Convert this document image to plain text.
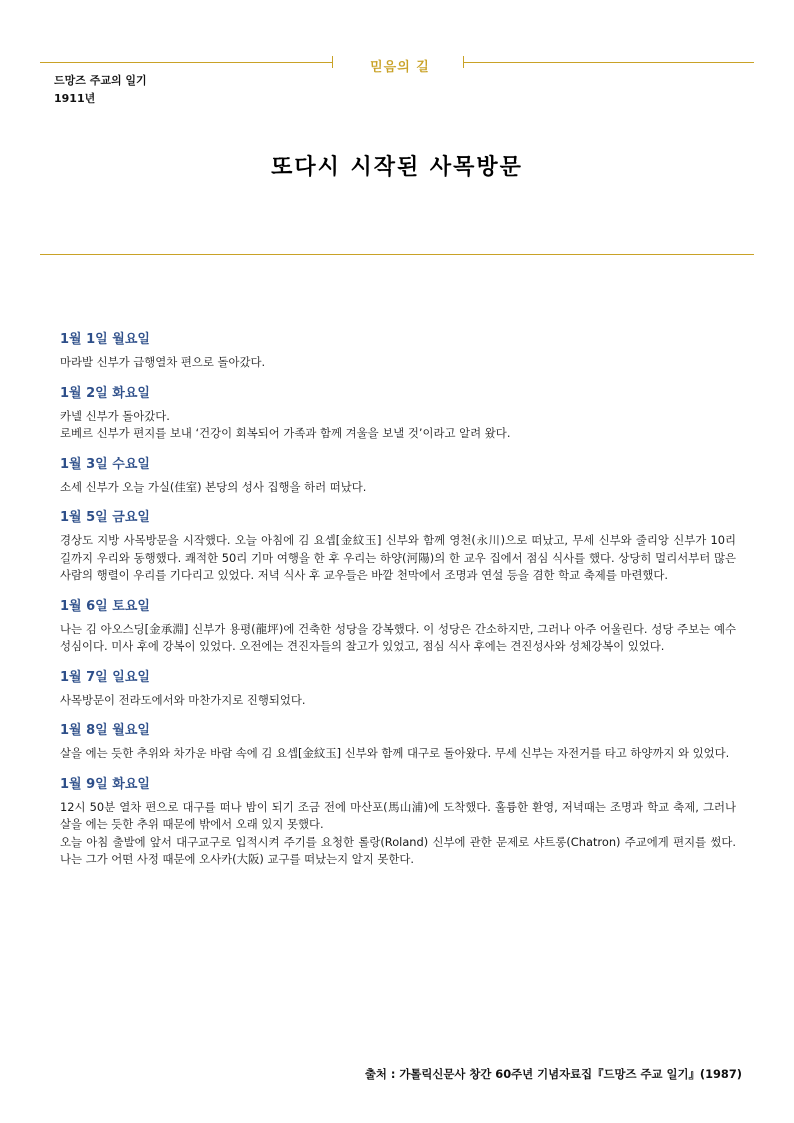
믿음의 길
드망즈 주교의 일기
1911년
또다시 시작된 사목방문
1월 1일 월요일

마라발 신부가 급행열차 편으로 돌아갔다.

1월 2일 화요일

카넬 신부가 돌아갔다.

로베르 신부가 편지를 보내 ‘건강이 회복되어 가족과 함께 겨울을 보낼 것’이라고 알려 왔다.

1월 3일 수요일

소세 신부가 오늘 가실(佳室) 본당의 성사 집행을 하러 떠났다.

1월 5일 금요일

경상도 지방 사목방문을 시작했다. 오늘 아침에 김 요셉[金紋玉] 신부와 함께 영천(永川)으로 떠났고, 무세 신부와 줄리앙 신부가 10리 길까지 우리와 동행했다. 쾌적한 50리 기마 여행을 한 후 우리는 하양(河陽)의 한 교우 집에서 점심 식사를 했다. 상당히 멀리서부터 많은 사람의 행렬이 우리를 기다리고 있었다. 저녁 식사 후 교우들은 바깥 천막에서 조명과 연설 등을 겸한 학교 축제를 마련했다.

1월 6일 토요일

나는 김 아오스딩[金承淵] 신부가 용평(龍坪)에 건축한 성당을 강복했다. 이 성당은 간소하지만, 그러나 아주 어울린다. 성당 주보는 예수 성심이다. 미사 후에 강복이 있었다. 오전에는 견진자들의 찰고가 있었고, 점심 식사 후에는 견진성사와 성체강복이 있었다.

1월 7일 일요일

사목방문이 전라도에서와 마찬가지로 진행되었다.

1월 8일 월요일

살을 에는 듯한 추위와 차가운 바람 속에 김 요셉[金紋玉] 신부와 함께 대구로 돌아왔다. 무세 신부는 자전거를 타고 하양까지 와 있었다.

1월 9일 화요일

12시 50분 열차 편으로 대구를 떠나 밤이 되기 조금 전에 마산포(馬山浦)에 도착했다. 훌륭한 환영, 저녁때는 조명과 학교 축제, 그러나 살을 에는 듯한 추위 때문에 밖에서 오래 있지 못했다.

오늘 아침 출발에 앞서 대구교구로 입적시켜 주기를 요청한 롤랑(Roland) 신부에 관한 문제로 샤트롱(Chatron) 주교에게 편지를 썼다. 나는 그가 어떤 사정 때문에 오사카(大阪) 교구를 떠났는지 알지 못한다.

출처 : 가톨릭신문사 창간 60주년 기념자료집『드망즈 주교 일기』(1987)
